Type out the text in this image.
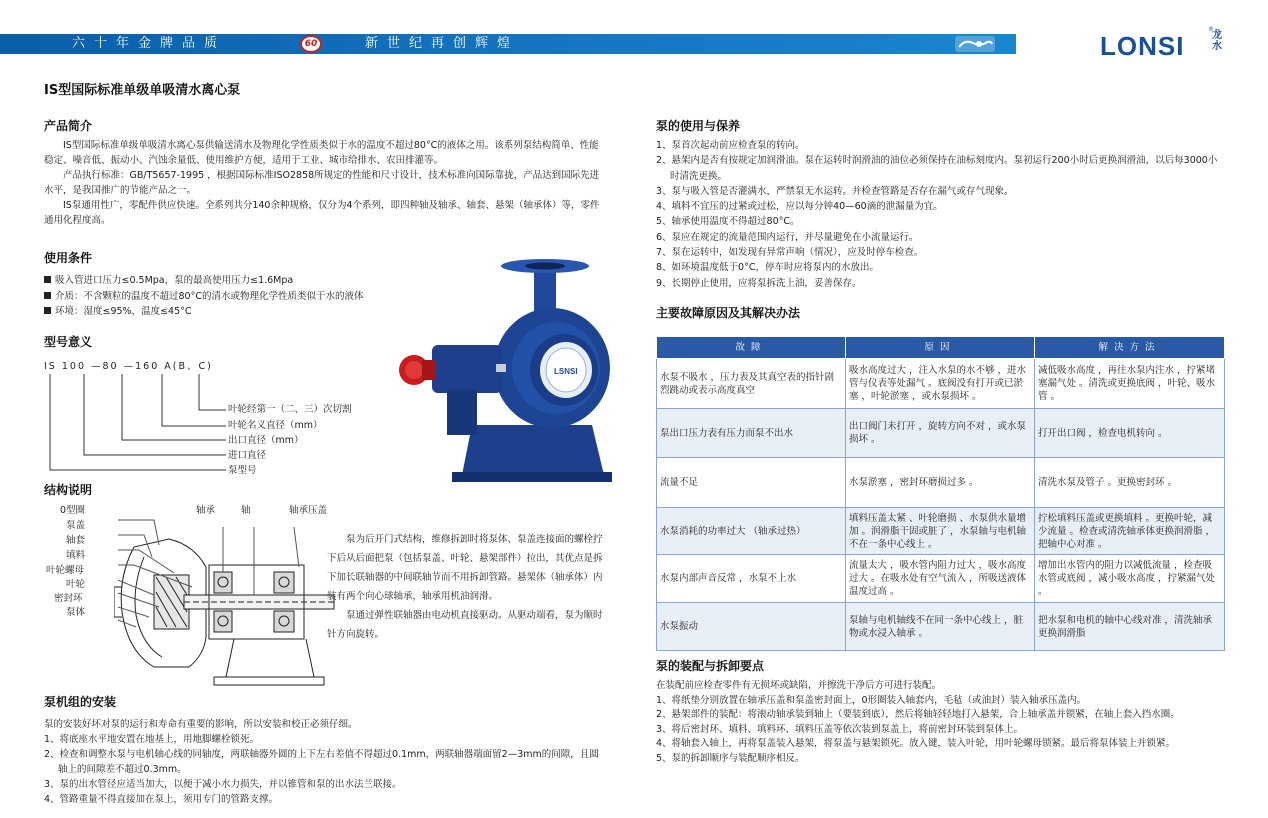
六十年金牌品质	60	新世纪再创辉煌	LONSI
®
龙水
IS型国际标准单级单吸清水离心泵
产品简介

IS型国际标准单级单吸清水离心泵供输送清水及物理化学性质类似于水的温度不超过80°C的液体之用。该系列泵结构简单、性能稳定、噪音低、振动小、汽蚀余量低、使用维护方便，适用于工业、城市给排水、农田排灌等。

产品执行标准：GB/T5657-1995 ，根据国际标准ISO2858所规定的性能和尺寸设计，技术标准向国际靠拢，产品达到国际先进水平，是我国推广的节能产品之一。

IS泵通用性广，零配件供应快速。全系列共分140余种规格，仅分为4个系列，即四种轴及轴承、轴套、悬架（轴承体）等，零件通用化程度高。

使用条件
吸入管进口压力≤0.5Mpa，泵的最高使用压力≤1.6Mpa
介质：不含颗粒的温度不超过80°C的清水或物理化学性质类似于水的液体
环境：湿度≤95%，温度≤45°C
型号意义
IS 100 —80 —160 A(B、C)
叶轮经第一（二、三）次切割
叶轮名义直径（mm）
出口直径（mm）
进口直径
泵型号
LSNSI
结构说明
0型圈
泵盖
轴套
填料
叶轮螺母
叶轮
密封环
泵体
轴承	轴	轴承压盖

泵为后开门式结构，维修拆卸时将泵体、泵盖连接面的螺栓拧下后从后面把泵（包括泵盖、叶轮、悬架部件）拉出，其优点是拆下加长联轴器的中间联轴节而不用拆卸管路。悬架体（轴承体）内装有两个向心球轴承，轴承用机油润滑。

泵通过弹性联轴器由电动机直接驱动。从驱动端看，泵为顺时针方向旋转。

泵机组的安装
泵的安装好坏对泵的运行和寿命有重要的影响，所以安装和校正必须仔细。
1、将底座水平地安置在地基上，用地脚螺栓锁死。
2、检查和调整水泵与电机轴心线的同轴度，两联轴器外圆的上下左右差值不得超过0.1mm，两联轴器端面留2—3mm的间隙，且圆轴上的间隙差不超过0.3mm。
3、泵的出水管径应适当加大，以便于减小水力损失，并以锥管和泵的出水法兰联接。
4、管路重量不得直接加在泵上，须用专门的管路支撑。
泵的使用与保养
1、泵首次起动前应检查泵的转向。
2、悬架内是否有按规定加润滑油。泵在运转时润滑油的油位必须保持在油标刻度内。泵初运行200小时后更换润滑油，以后每3000小时清洗更换。
3、泵与吸入管是否灌满水，严禁泵无水运转。并检查管路是否存在漏气或存气现象。
4、填料不宜压的过紧或过松，应以每分钟40—60滴的泄漏量为宜。
5、轴承使用温度不得超过80°C。
6、泵应在规定的流量范围内运行，并尽量避免在小流量运行。
7、泵在运转中，如发现有异常声响（情况），应及时停车检查。
8、如环境温度低于0°C，停车时应将泵内的水放出。
9、长期停止使用，应将泵拆洗上油，妥善保存。
主要故障原因及其解决办法
故障	原因	解决方法
水泵不吸水 ，压力表及其真空表的指针剧烈跳动或表示高度真空	吸水高度过大 ，注入水泵的水不够 ，进水管与仪表等处漏气 。底阀没有打开或已淤塞 ，叶轮淤塞 ，或水泵损坏 。	减低吸水高度 ，再往水泵内注水 ，拧紧堵塞漏气处 。清洗或更换底阀 ，叶轮、吸水管 。
泵出口压力表有压力而泵不出水	出口阀门未打开 ，旋转方向不对 ，或水泵损坏 。	打开出口阀 ，检查电机转向 。
流量不足	水泵淤塞 ，密封环磨损过多 。	清洗水泵及管子 。更换密封环 。
水泵消耗的功率过大 （轴承过热）	填料压盖太紧 、叶轮磨损 、水泵供水量增加 。润滑脂干固或脏了 ，水泵轴与电机轴不在一条中心线上 。	拧松填料压盖或更换填料 。更换叶轮，减少流量 。检查或清洗轴承体更换润滑脂 ，把轴中心对准 。
水泵内部声音反常 ，水泵不上水	流量太大 ，吸水管内阻力过大 ，吸水高度过大 。在吸水处有空气流入 ，所吸送液体温度过高 。	增加出水管内的阻力以减低流量 ，检查吸水管或底阀 ，减小吸水高度 ，拧紧漏气处 。
水泵振动	泵轴与电机轴线不在同一条中心线上 ，脏物或水浸入轴承 。	把水泵和电机的轴中心线对准 ，清洗轴承更换润滑脂
泵的装配与拆卸要点
在装配前应检查零件有无损坏或缺陷，并擦洗干净后方可进行装配。
1、将纸垫分别放置在轴承压盖和泵盖密封面上，0形圈装入轴套内，毛毡（或油封）装入轴承压盖内。
2、悬架部件的装配：将滚动轴承装到轴上（要装到底），然后将轴轻轻地打入悬架，合上轴承盖并锁紧，在轴上套入挡水圈。
3、将后密封环、填料、填料环、填料压盖等依次装到泵盖上，将前密封环装到泵体上。
4、将轴套入轴上，再将泵盖装入悬架，将泵盖与悬架锁死。放入键，装入叶轮，用叶轮螺母锁紧。最后将泵体装上并锁紧。
5、泵的拆卸顺序与装配顺序相反。
